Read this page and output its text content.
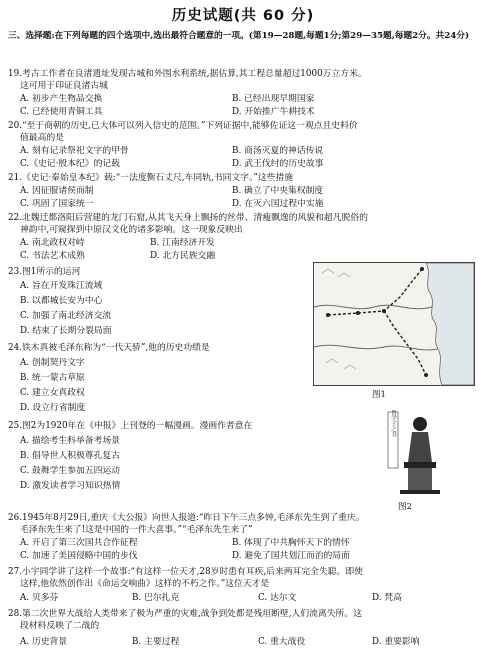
历史试题(共 60 分)
三、选择题:在下列每题的四个选项中,选出最符合题意的一项。(第19—28题,每题1分;第29—35题,每题2分。共24分)
19.考古工作者在良渚遗址发现古城和外围水利系统,据估算,其工程总量超过1000万立方米。
这可用于印证良渚古城
A. 初步产生物品交换	B. 已经出现早期国家
C. 已经使用青铜工具	D. 开始推广牛耕技术
20.“至于商朝的历史,已大体可以列入信史的范围。”下列证据中,能够佐证这一观点且史料价
值最高的是
A. 刻有记录祭祀文字的甲骨	B. 商汤灭夏的神话传说
C.《史记·殷本纪》的记载	D. 武王伐纣的历史故事
21.《史记·秦始皇本纪》载:“一法度衡石丈尺,车同轨,书同文字。”这些措施
A. 因征服诸侯而制	B. 确立了中央集权制度
C. 巩固了国家统一	D. 在灭六国过程中实施
22.北魏迁都洛阳后营建的龙门石窟,从其飞天身上飘扬的丝带、清瘦飘逸的风貌和超凡脱俗的
神韵中,可窥探到中原汉文化的诸多影响。这一现象反映出
A. 南北政权对峙	B. 江南经济开发
C. 书法艺术成熟	D. 北方民族交融
23.图1所示的运河
A. 旨在开发珠江流域
B. 以都城长安为中心
C. 加强了南北经济交流
D. 结束了长期分裂局面
24.铁木真被毛泽东称为“一代天骄”,他的历史功绩是
A. 创制契丹文字
B. 统一蒙古草原
C. 建立女真政权
D. 设立行省制度
25.图2为1920年在《申报》上刊登的一幅漫画。漫画作者意在
A. 描绘考生科举备考场景
B. 倡导世人积极尊孔复古
C. 鼓舞学生参加五四运动
D. 激发读者学习知识热情
26.1945年8月29日,重庆《大公报》向世人报道:“昨日下午三点多钟,毛泽东先生到了重庆。
毛泽东先生来了!这是中国的一件大喜事。”“毛泽东先生来了”
A. 开启了第三次国共合作征程	B. 体现了中共胸怀天下的情怀
C. 加速了美国侵略中国的步伐	D. 避免了国共划江而治的局面
27.小宇同学讲了这样一个故事:“有这样一位天才,28岁时患有耳疾,后来两耳完全失聪。即使
这样,他依然创作出《命运交响曲》这样的不朽之作。”这位天才是
A. 贝多芬	B. 巴尔扎克	C. 达尔文	D. 梵高
28.第二次世界大战给人类带来了极为严重的灾难,战争到处都是残垣断壁,人们流离失所。这
段材料反映了二战的
A. 历史背景	B. 主要过程	C. 重大战役	D. 重要影响
图1
天下皆学子之书
图2
